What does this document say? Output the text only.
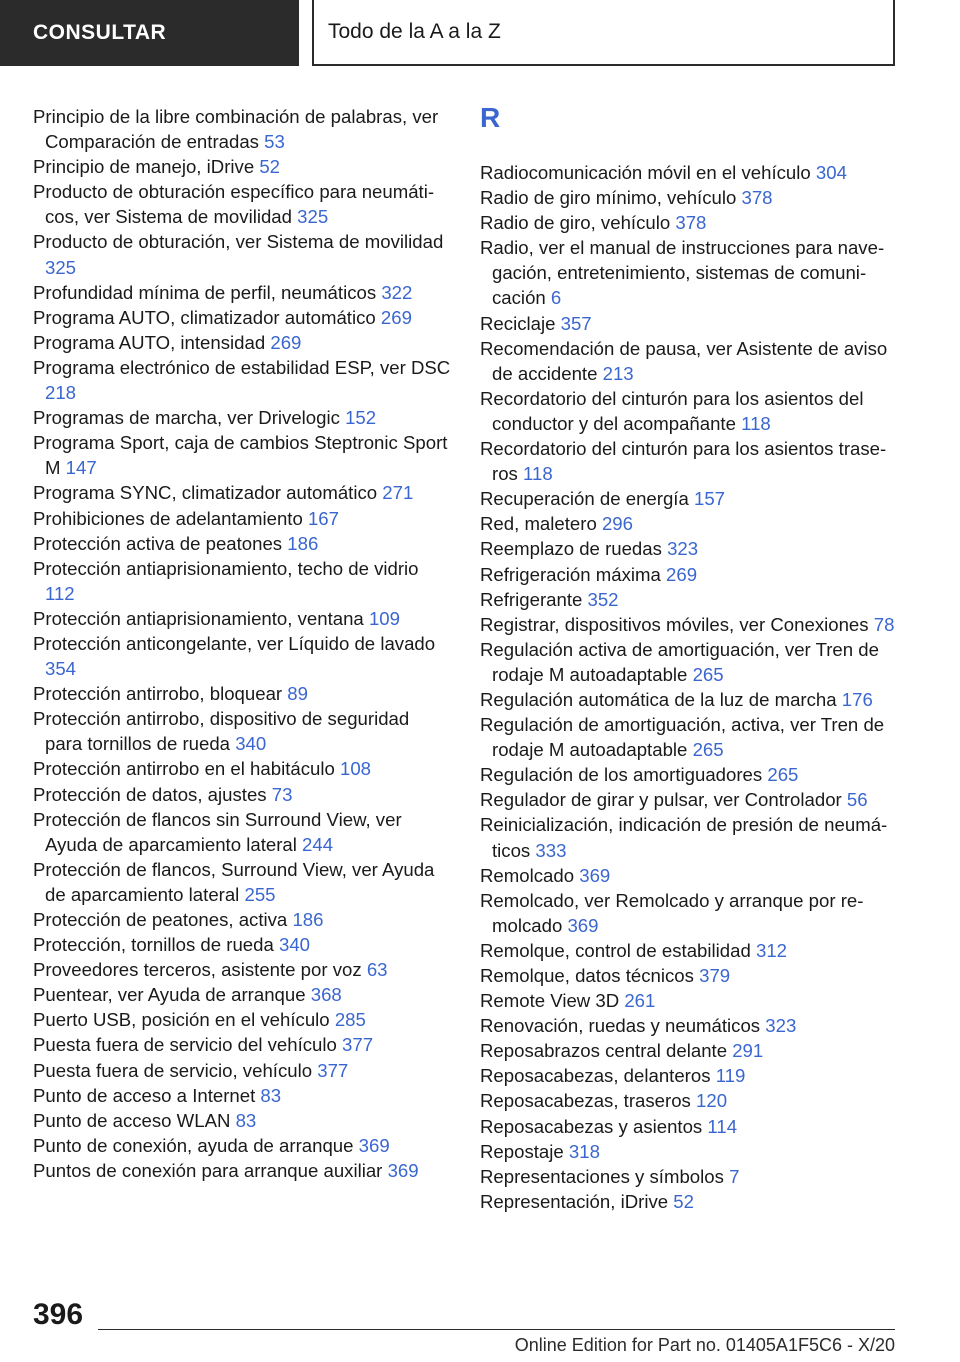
CONSULTAR	Todo de la A a la Z
Principio de la libre combinación de palabras, ver Comparación de entradas 53
Principio de manejo, iDrive 52
Producto de obturación específico para neumáticos, ver Sistema de movilidad 325
Producto de obturación, ver Sistema de movilidad 325
Profundidad mínima de perfil, neumáticos 322
Programa AUTO, climatizador automático 269
Programa AUTO, intensidad 269
Programa electrónico de estabilidad ESP, ver DSC 218
Programas de marcha, ver Drivelogic 152
Programa Sport, caja de cambios Steptronic Sport M 147
Programa SYNC, climatizador automático 271
Prohibiciones de adelantamiento 167
Protección activa de peatones 186
Protección antiaprisionamiento, techo de vidrio 112
Protección antiaprisionamiento, ventana 109
Protección anticongelante, ver Líquido de lavado 354
Protección antirrobo, bloquear 89
Protección antirrobo, dispositivo de seguridad para tornillos de rueda 340
Protección antirrobo en el habitáculo 108
Protección de datos, ajustes 73
Protección de flancos sin Surround View, ver Ayuda de aparcamiento lateral 244
Protección de flancos, Surround View, ver Ayuda de aparcamiento lateral 255
Protección de peatones, activa 186
Protección, tornillos de rueda 340
Proveedores terceros, asistente por voz 63
Puentear, ver Ayuda de arranque 368
Puerto USB, posición en el vehículo 285
Puesta fuera de servicio del vehículo 377
Puesta fuera de servicio, vehículo 377
Punto de acceso a Internet 83
Punto de acceso WLAN 83
Punto de conexión, ayuda de arranque 369
Puntos de conexión para arranque auxiliar 369
R
Radiocomunicación móvil en el vehículo 304
Radio de giro mínimo, vehículo 378
Radio de giro, vehículo 378
Radio, ver el manual de instrucciones para navegación, entretenimiento, sistemas de comunicación 6
Reciclaje 357
Recomendación de pausa, ver Asistente de aviso de accidente 213
Recordatorio del cinturón para los asientos del conductor y del acompañante 118
Recordatorio del cinturón para los asientos traseros 118
Recuperación de energía 157
Red, maletero 296
Reemplazo de ruedas 323
Refrigeración máxima 269
Refrigerante 352
Registrar, dispositivos móviles, ver Conexiones 78
Regulación activa de amortiguación, ver Tren de rodaje M autoadaptable 265
Regulación automática de la luz de marcha 176
Regulación de amortiguación, activa, ver Tren de rodaje M autoadaptable 265
Regulación de los amortiguadores 265
Regulador de girar y pulsar, ver Controlador 56
Reinicialización, indicación de presión de neumáticos 333
Remolcado 369
Remolcado, ver Remolcado y arranque por remolcado 369
Remolque, control de estabilidad 312
Remolque, datos técnicos 379
Remote View 3D 261
Renovación, ruedas y neumáticos 323
Reposabrazos central delante 291
Reposacabezas, delanteros 119
Reposacabezas, traseros 120
Reposacabezas y asientos 114
Repostaje 318
Representaciones y símbolos 7
Representación, iDrive 52
396
Online Edition for Part no. 01405A1F5C6 - X/20
